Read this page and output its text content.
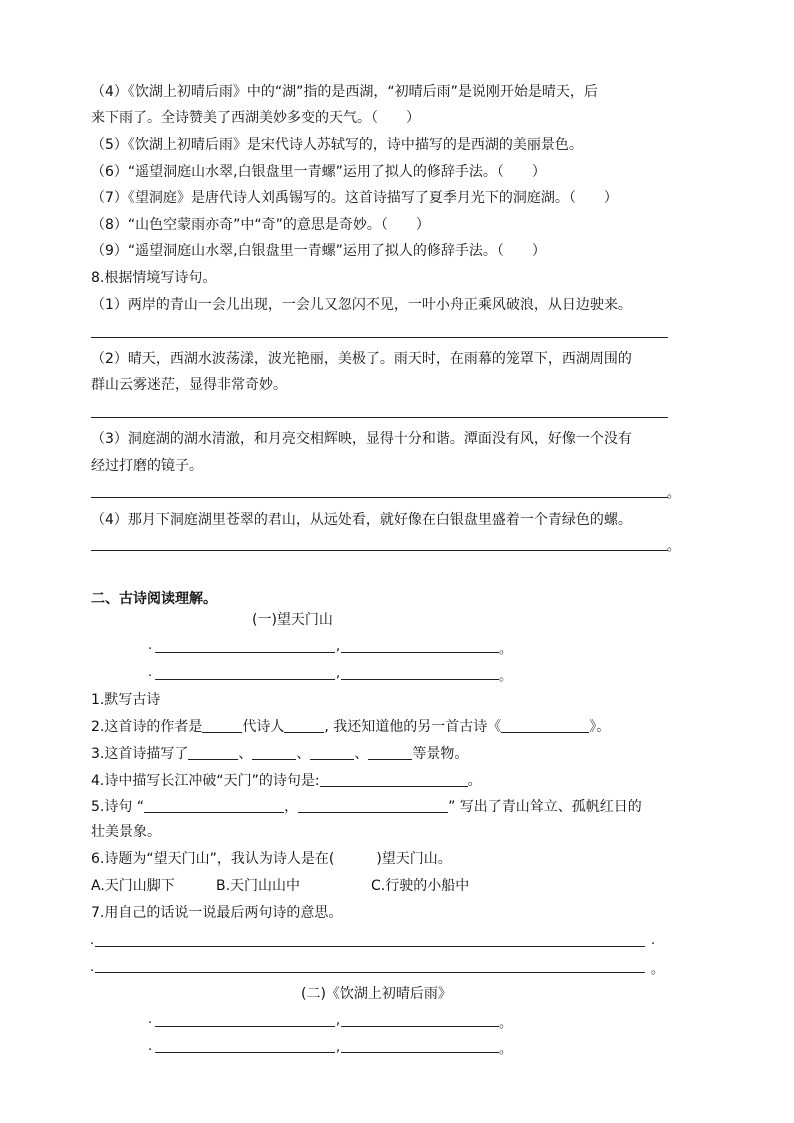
（4）《饮湖上初晴后雨》中的“湖”指的是西湖，“初晴后雨”是说刚开始是晴天，后
来下雨了。全诗赞美了西湖美妙多变的天气。（　　）
（5）《饮湖上初晴后雨》是宋代诗人苏轼写的，诗中描写的是西湖的美丽景色。
（6）“遥望洞庭山水翠,白银盘里一青螺”运用了拟人的修辞手法。（　　）
（7）《望洞庭》是唐代诗人刘禹锡写的。这首诗描写了夏季月光下的洞庭湖。（　　）
（8）“山色空蒙雨亦奇”中“奇”的意思是奇妙。（　　）
（9）“遥望洞庭山水翠,白银盘里一青螺”运用了拟人的修辞手法。（　　）
8.根据情境写诗句。
（1）两岸的青山一会儿出现，一会儿又忽闪不见，一叶小舟正乘风破浪，从日边驶来。
（2）晴天，西湖水波荡漾，波光艳丽，美极了。雨天时，在雨幕的笼罩下，西湖周围的
群山云雾迷茫，显得非常奇妙。
（3）洞庭湖的湖水清澈，和月亮交相辉映，显得十分和谐。潭面没有风，好像一个没有
经过打磨的镜子。
。
（4）那月下洞庭湖里苍翠的君山，从远处看，就好像在白银盘里盛着一个青绿色的螺。
。
二、古诗阅读理解。
(一)望天门山
.	,	。
.	,	。
1.默写古诗
2.这首诗的作者是	代诗人	, 我还知道他的另一首古诗《	》。
3.这首诗描写了	、	、	、	等景物。
4.诗中描写长江冲破“天门”的诗句是:	。
5.诗句 “	，	” 写出了青山耸立、孤帆红日的
壮美景象。
6.诗题为“望天门山”，我认为诗人是在(　　　)望天门山。
A.天门山脚下	B.天门山山中	C.行驶的小船中
7.用自己的话说一说最后两句诗的意思。
.	.
.	。
(二)《饮湖上初晴后雨》
.	,	。
.	,	。
